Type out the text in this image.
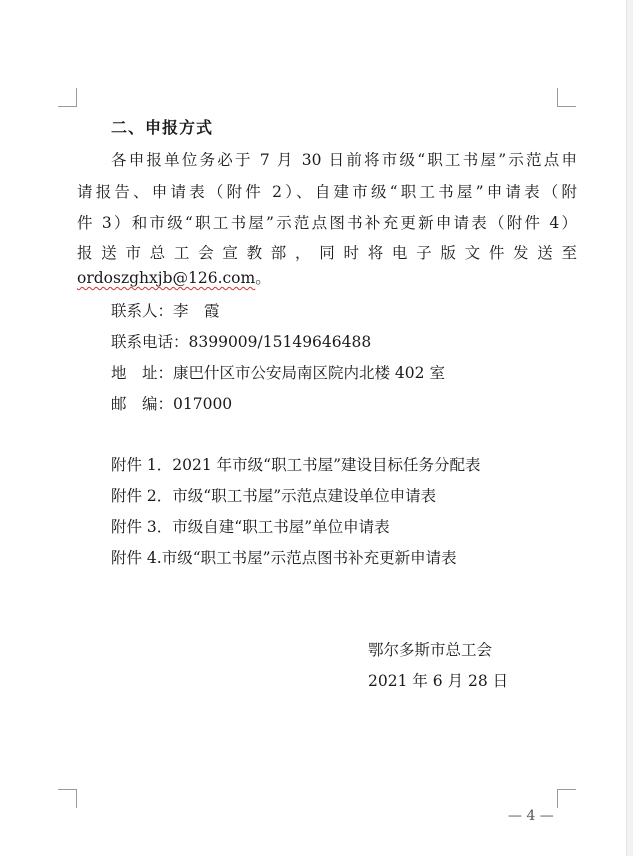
二、申报方式
各申报单位务必于 7 月 30 日前将市级“职工书屋”示范点申
请报告、申请表（附件 2）、自建市级“职工书屋”申请表（附
件 3）和市级“职工书屋”示范点图书补充更新申请表（附件 4）
报送市总工会宣教部，同时将电子版文件发送至
ordoszghxjb@126.com。
联系人：李　霞
联系电话：8399009/15149646488
地　址：康巴什区市公安局南区院内北楼 402 室
邮　编：017000
附件 1．2021 年市级“职工书屋”建设目标任务分配表
附件 2．市级“职工书屋”示范点建设单位申请表
附件 3．市级自建“职工书屋”单位申请表
附件 4.市级“职工书屋”示范点图书补充更新申请表
鄂尔多斯市总工会
2021 年 6 月 28 日
— 4 —
